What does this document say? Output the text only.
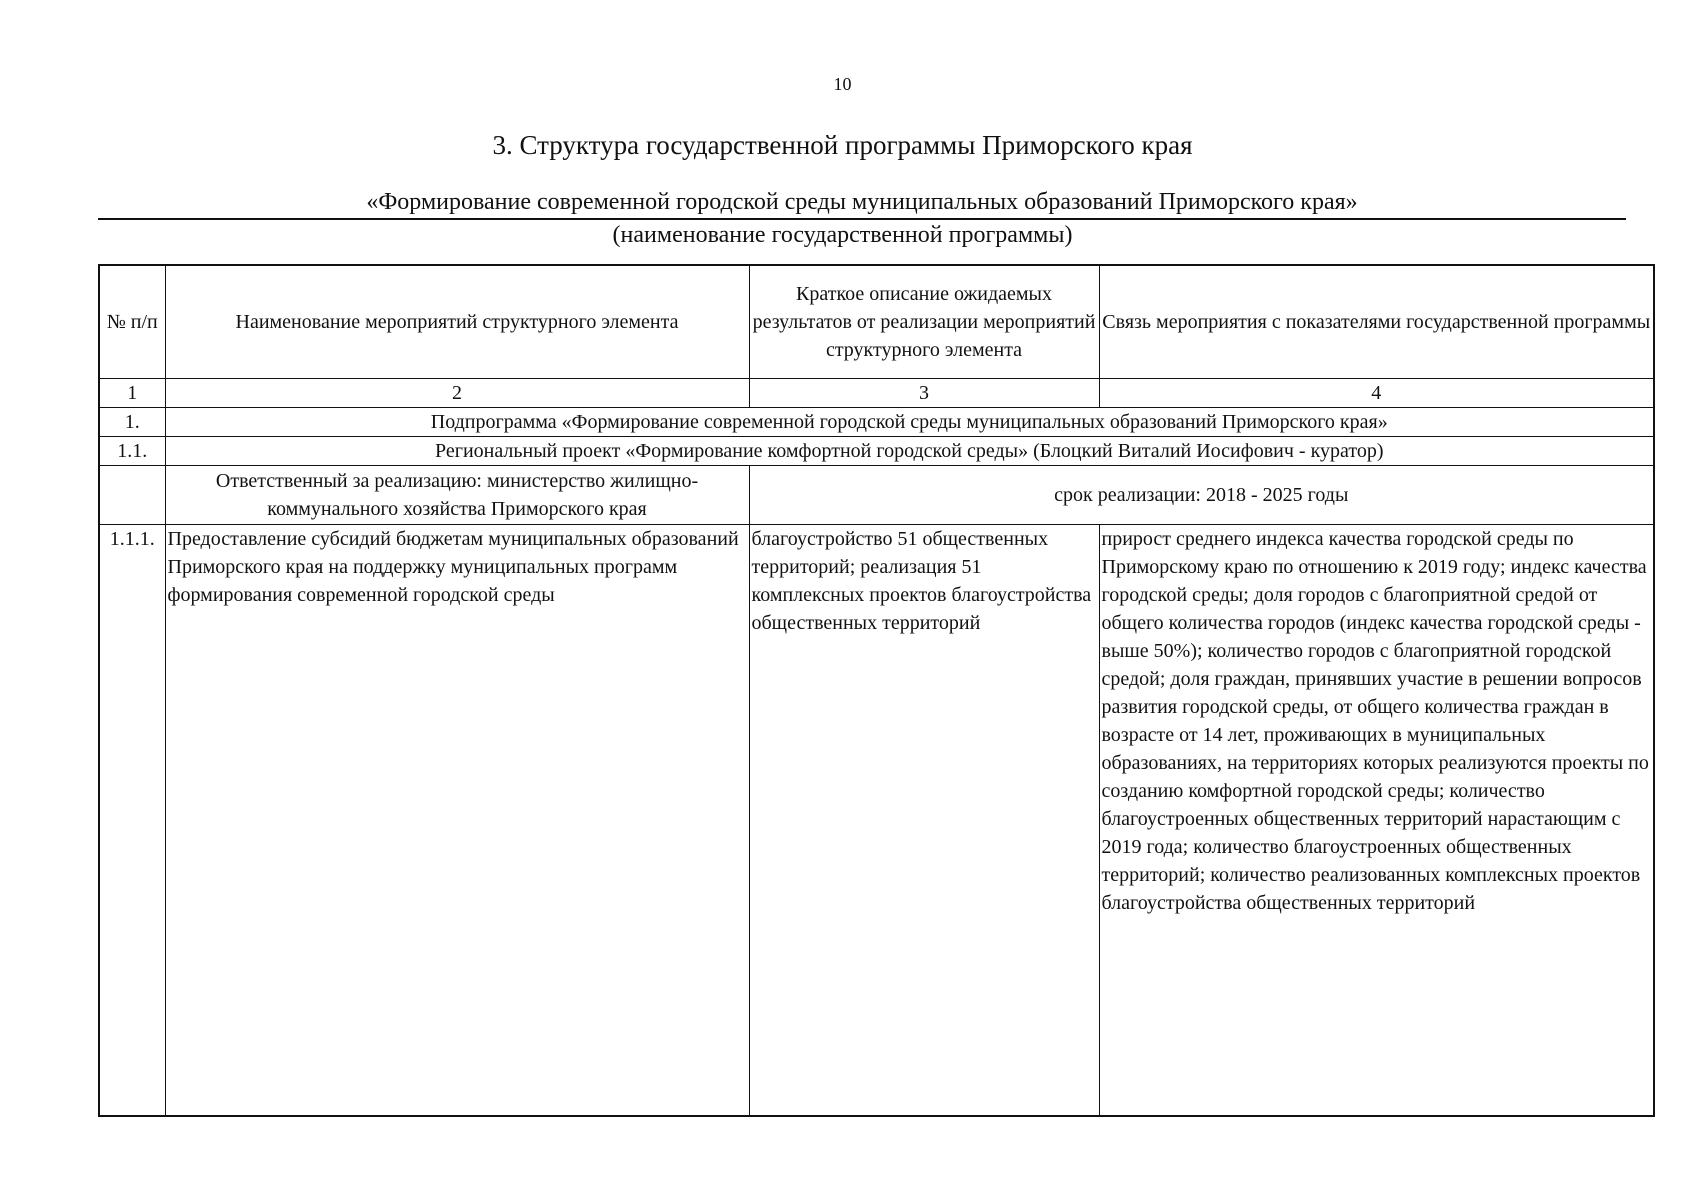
10
3. Структура государственной программы Приморского края
«Формирование современной городской среды муниципальных образований Приморского края»
(наименование государственной программы)
№ п/п	Наименование мероприятий структурного элемента	Краткое описание ожидаемых результатов от реализации мероприятий структурного элемента	Связь мероприятия с показателями государственной программы
1	2	3	4
1.	Подпрограмма «Формирование современной городской среды муниципальных образований Приморского края»		
1.1.	Региональный проект «Формирование комфортной городской среды» (Блоцкий Виталий Иосифович - куратор)		
	Ответственный за реализацию: министерство жилищно-коммунального хозяйства Приморского края	срок реализации: 2018 - 2025 годы	
1.1.1.	Предоставление субсидий бюджетам муниципальных образований Приморского края на поддержку муниципальных программ формирования современной городской среды	благоустройство 51 общественных территорий; реализация 51 комплексных проектов благоустройства общественных территорий	прирост среднего индекса качества городской среды по Приморскому краю по отношению к 2019 году; индекс качества городской среды; доля городов с благоприятной средой от общего количества городов (индекс качества городской среды - выше 50%); количество городов с благоприятной городской средой; доля граждан, принявших участие в решении вопросов развития городской среды, от общего количества граждан в возрасте от 14 лет, проживающих в муниципальных образованиях, на территориях которых реализуются проекты по созданию комфортной городской среды; количество благоустроенных общественных территорий нарастающим с 2019 года; количество благоустроенных общественных территорий; количество реализованных комплексных проектов благоустройства общественных территорий
